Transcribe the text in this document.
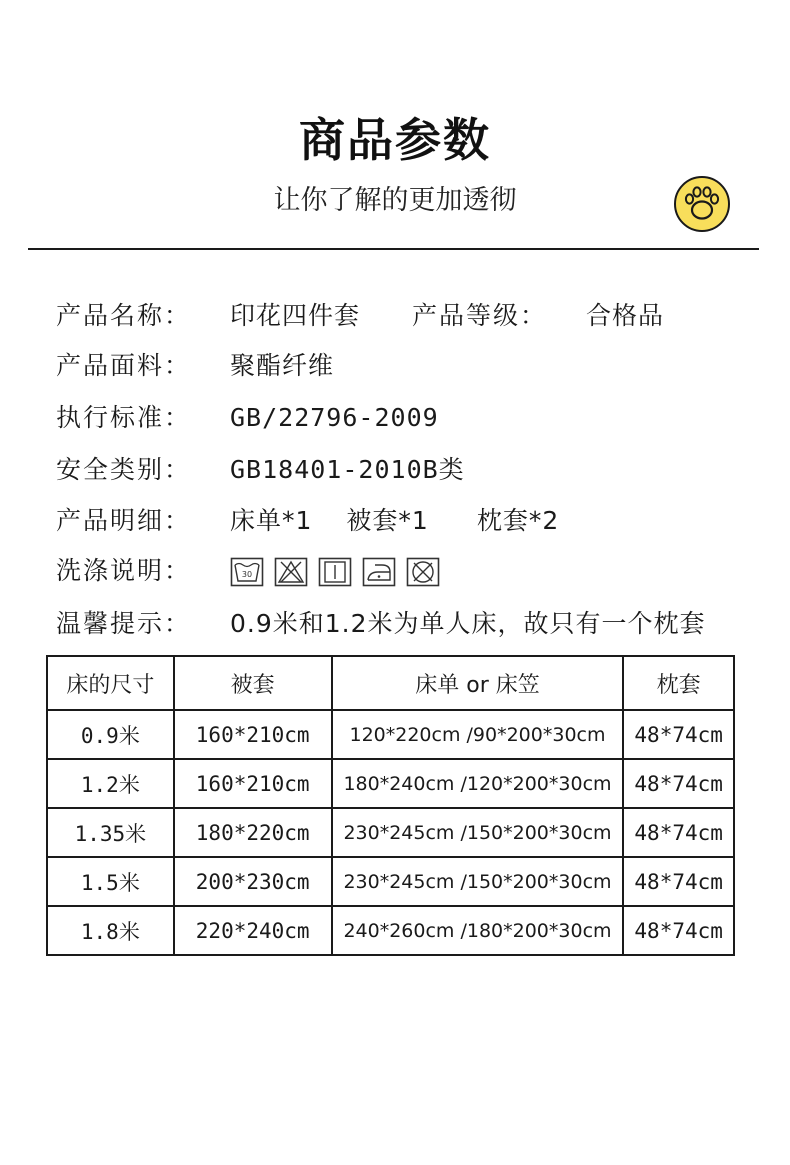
商品参数
让你了解的更加透彻
产品名称： 印花四件套 产品等级： 合格品
产品面料： 聚酯纤维
执行标准： GB/22796-2009
安全类别： GB18401-2010B类
产品明细： 床单*1 被套*1 枕套*2
洗涤说明：	30
温馨提示： 0.9米和1.2米为单人床，故只有一个枕套
床的尺寸	被套	床单 or 床笠	枕套
0.9米	160*210cm	120*220cm /90*200*30cm	48*74cm
1.2米	160*210cm	180*240cm /120*200*30cm	48*74cm
1.35米	180*220cm	230*245cm /150*200*30cm	48*74cm
1.5米	200*230cm	230*245cm /150*200*30cm	48*74cm
1.8米	220*240cm	240*260cm /180*200*30cm	48*74cm
